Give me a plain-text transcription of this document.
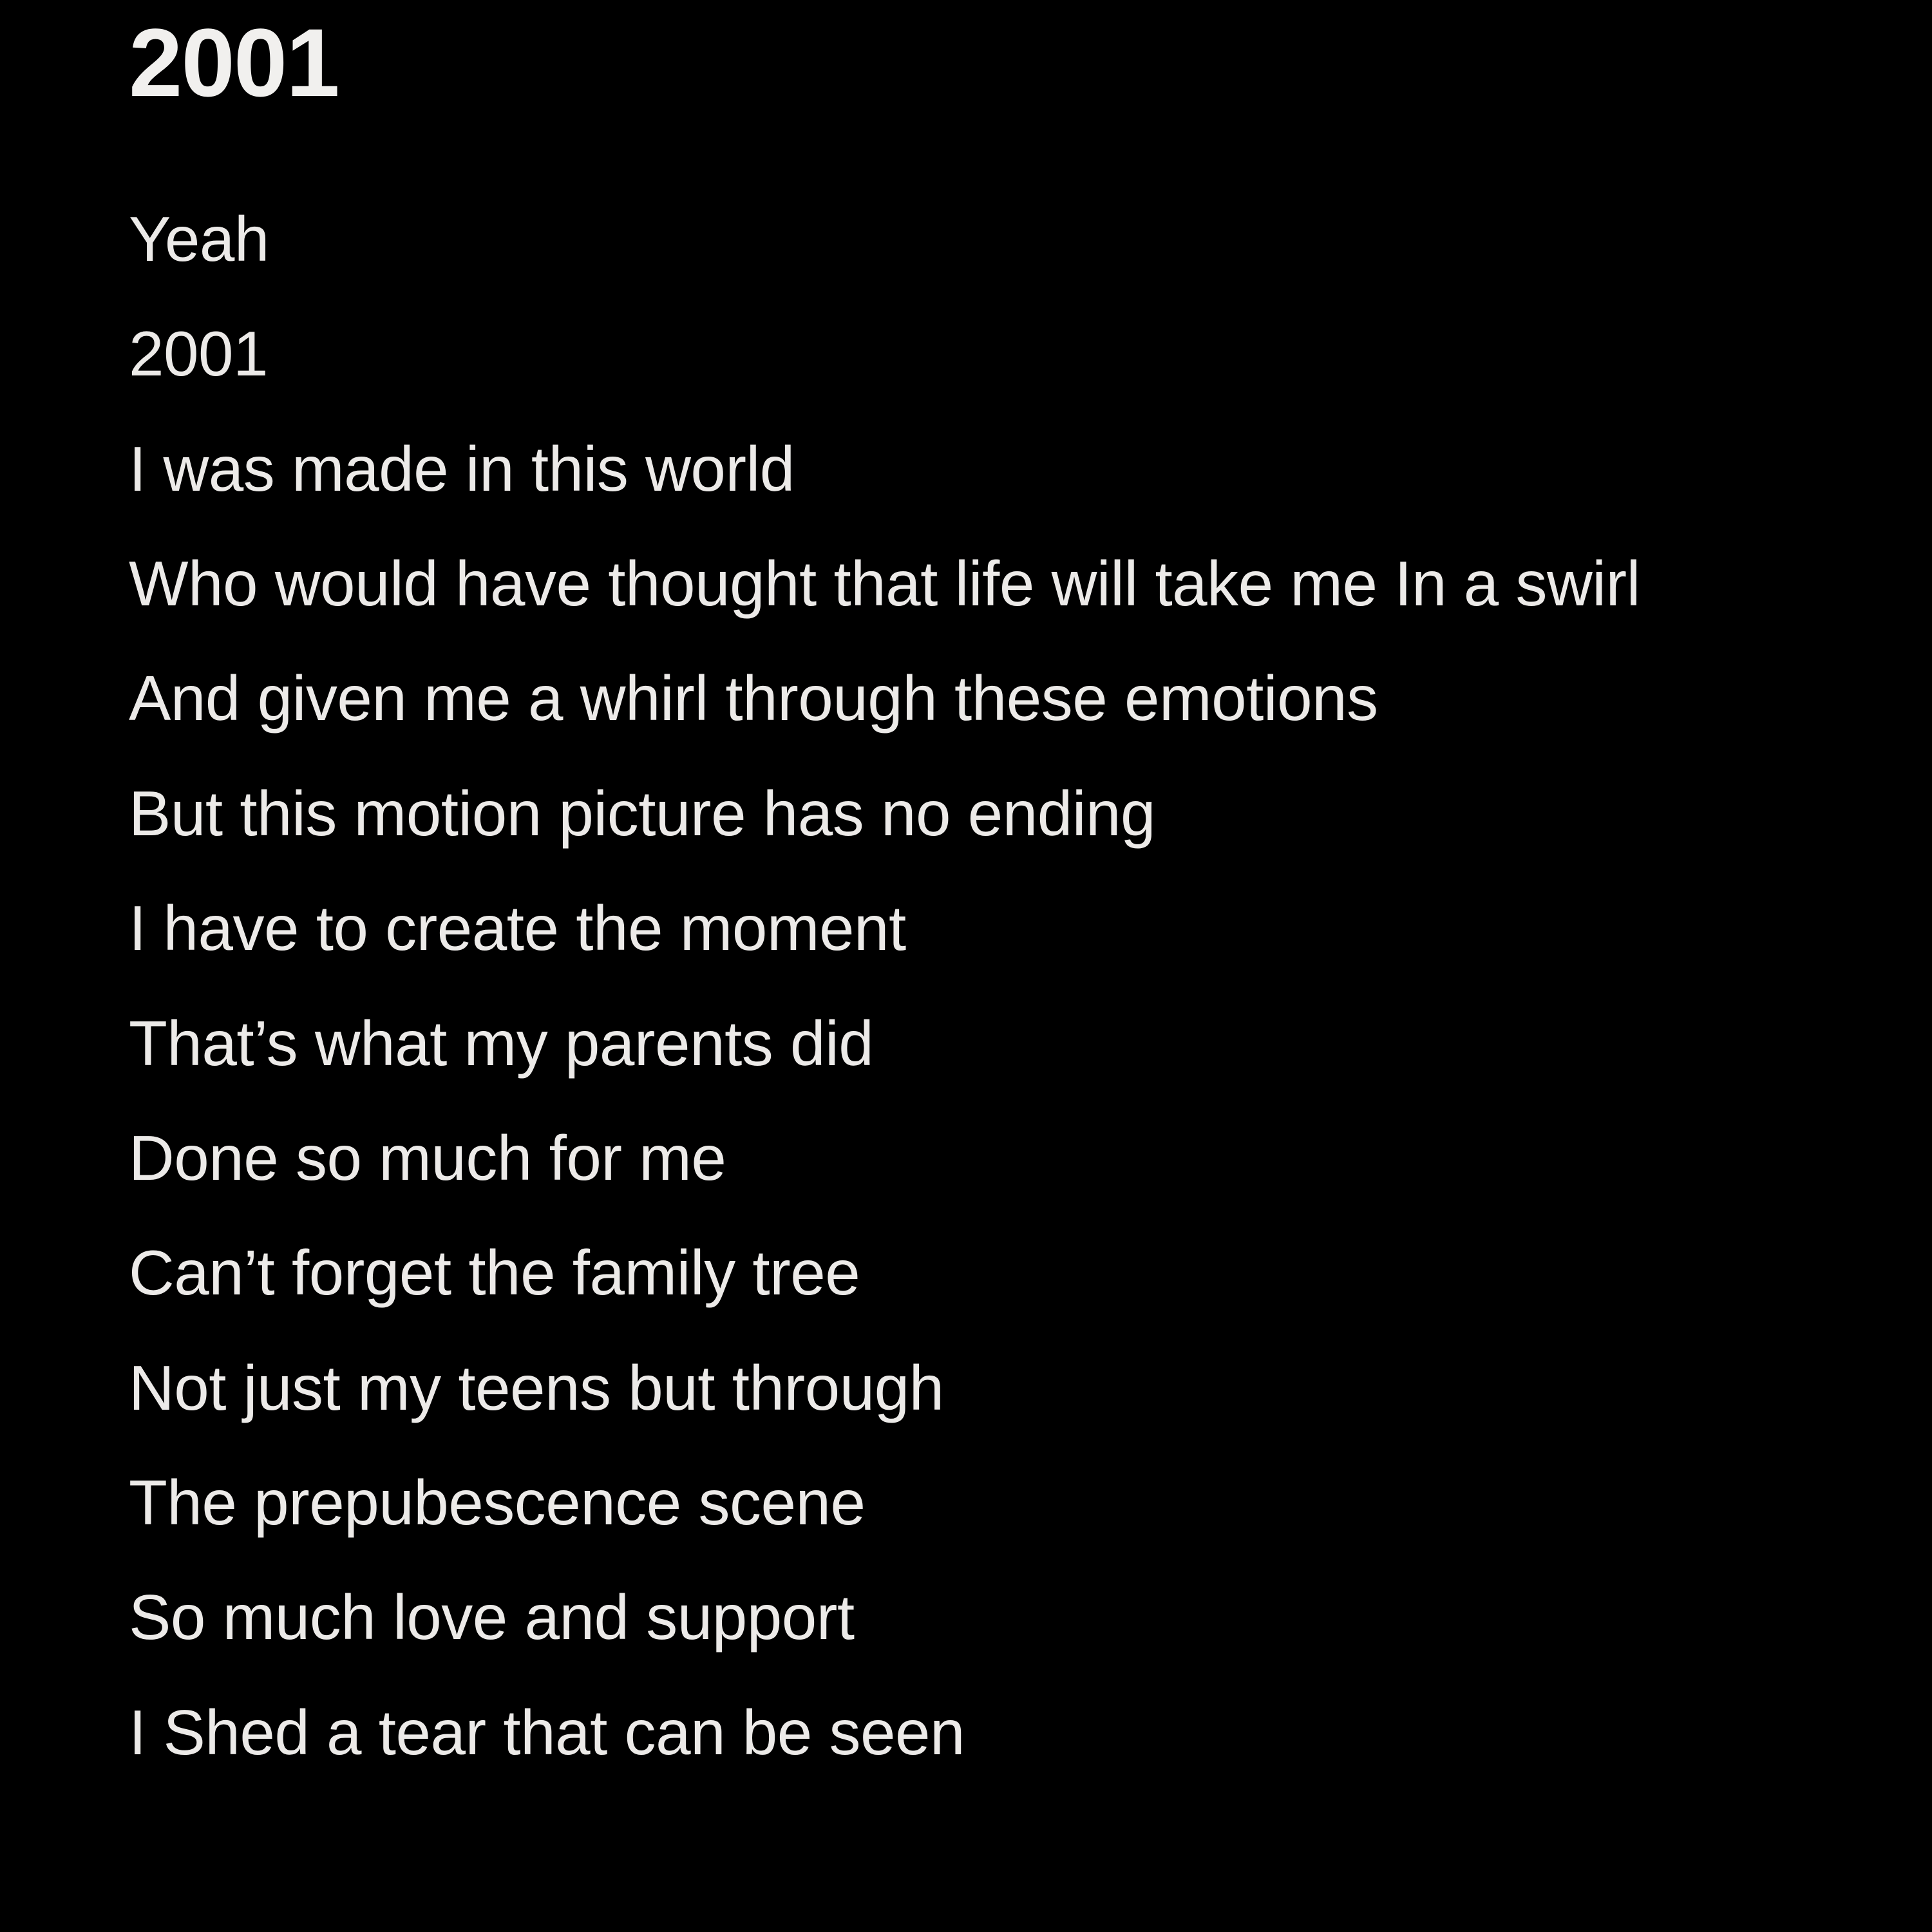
2001
Yeah
2001
I was made in this world
Who would have thought that life will take me In a swirl
And given me a whirl through these emotions
But this motion picture has no ending
I have to create the moment
That’s what my parents did
Done so much for me
Can’t forget the family tree
Not just my teens but through
The prepubescence scene
So much love and support
I Shed a tear that can be seen
